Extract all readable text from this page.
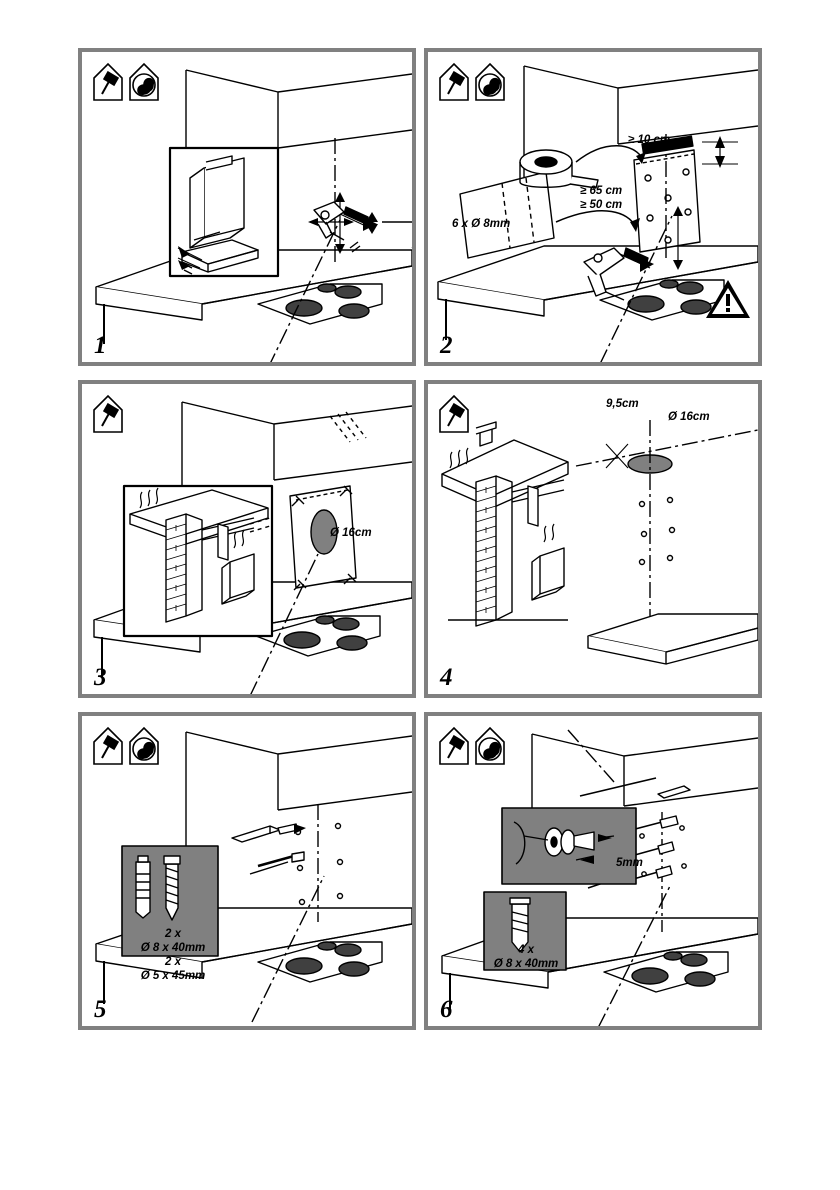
1
≥ 10 cm
≥ 65 cm
≥ 50 cm
6 x Ø 8mm
2
Ø 16cm
3
9,5cm
Ø 16cm
4
2 x
Ø 8 x 40mm
2 x
Ø 5 x 45mm
5
5mm
4 x
Ø 8 x 40mm
6
